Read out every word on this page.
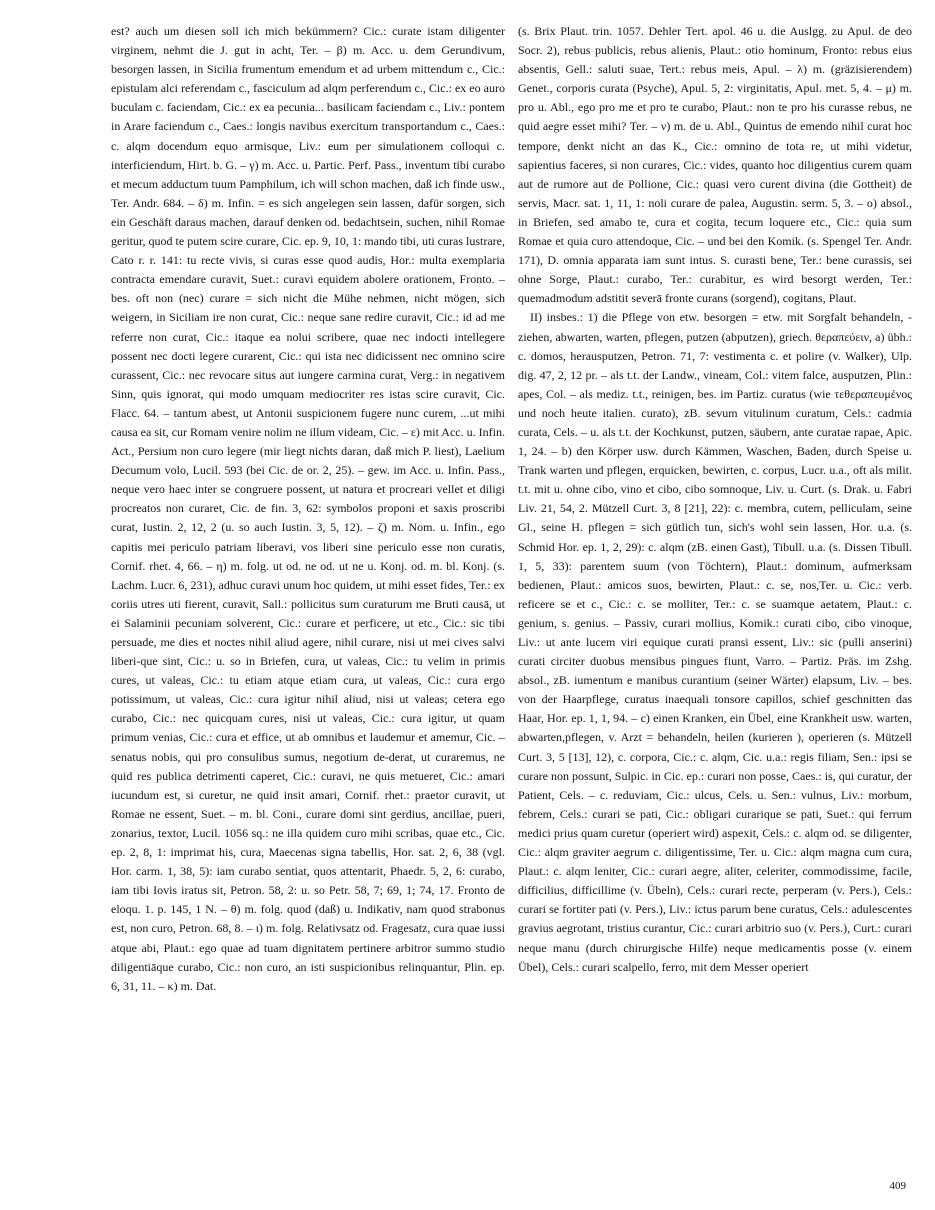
est? auch um diesen soll ich mich bekümmern? Cic.: curate istam diligenter virginem, nehmt die J. gut in acht, Ter. – β) m. Acc. u. dem Gerundivum, besorgen lassen, in Sicilia frumentum emendum et ad urbem mittendum c., Cic.: epistulam alci referendam c., fasciculum ad alqm perferendum c., Cic.: ex eo auro buculam c. faciendam, Cic.: ex ea pecunia... basilicam faciendam c., Liv.: pontem in Arare faciendum c., Caes.: longis navibus exercitum transportandum c., Caes.: c. alqm docendum equo armisque, Liv.: eum per simulationem colloqui c. interficiendum, Hirt. b. G. – γ) m. Acc. u. Partic. Perf. Pass., inventum tibi curabo et mecum adductum tuum Pamphilum, ich will schon machen, daß ich finde usw., Ter. Andr. 684. – δ) m. Infin. = es sich angelegen sein lassen, dafür sorgen, sich ein Geschäft daraus machen, darauf denken od. bedachtsein, suchen, nihil Romae geritur, quod te putem scire curare, Cic. ep. 9, 10, 1: mando tibi, uti curas lustrare, Cato r. r. 141: tu recte vivis, si curas esse quod audis, Hor.: multa exemplaria contracta emendare curavit, Suet.: curavi equidem abolere orationem, Fronto. – bes. oft non (nec) curare = sich nicht die Mühe nehmen, nicht mögen, sich weigern, in Siciliam ire non curat, Cic.: neque sane redire curavit, Cic.: id ad me referre non curat, Cic.: itaque ea nolui scribere, quae nec indocti intellegere possent nec docti legere curarent, Cic.: qui ista nec didicissent nec omnino scire curassent, Cic.: nec revocare situs aut iungere carmina curat, Verg.: in negativem Sinn, quis ignorat, qui modo umquam mediocriter res istas scire curavit, Cic. Flacc. 64. – tantum abest, ut Antonii suspicionem fugere nunc curem, ...ut mihi causa ea sit, cur Romam venire nolim ne illum videam, Cic. – ε) mit Acc. u. Infin. Act., Persium non curo legere (mir liegt nichts daran, daß mich P. liest), Laelium Decumum volo, Lucil. 593 (bei Cic. de or. 2, 25). – gew. im Acc. u. Infin. Pass., neque vero haec inter se congruere possent, ut natura et procreari vellet et diligi procreatos non curaret, Cic. de fin. 3, 62: symbolos proponi et saxis proscribi curat, Iustin. 2, 12, 2 (u. so auch Iustin. 3, 5, 12). – ζ) m. Nom. u. Infin., ego capitis mei periculo patriam liberavi, vos liberi sine periculo esse non curatis, Cornif. rhet. 4, 66. – η) m. folg. ut od. ne od. ut ne u. Konj. od. m. bl. Konj. (s. Lachm. Lucr. 6, 231), adhuc curavi unum hoc quidem, ut mihi esset fides, Ter.: ex coriis utres uti fierent, curavit, Sall.: pollicitus sum curaturum me Bruti causā, ut ei Salaminii pecuniam solverent, Cic.: curare et perficere, ut etc., Cic.: sic tibi persuade, me dies et noctes nihil aliud agere, nihil curare, nisi ut mei cives salvi liberi-que sint, Cic.: u. so in Briefen, cura, ut valeas, Cic.: tu velim in primis cures, ut valeas, Cic.: tu etiam atque etiam cura, ut valeas, Cic.: cura ergo potissimum, ut valeas, Cic.: cura igitur nihil aliud, nisi ut valeas; cetera ego curabo, Cic.: nec quicquam cures, nisi ut valeas, Cic.: cura igitur, ut quam primum venias, Cic.: cura et effice, ut ab omnibus et laudemur et amemur, Cic. – senatus nobis, qui pro consulibus sumus, negotium de-derat, ut curaremus, ne quid res publica detrimenti caperet, Cic.: curavi, ne quis metueret, Cic.: amari iucundum est, si curetur, ne quid insit amari, Cornif. rhet.: praetor curavit, ut Romae ne essent, Suet. – m. bl. Coni., curare domi sint gerdius, ancillae, pueri, zonarius, textor, Lucil. 1056 sq.: ne illa quidem curo mihi scribas, quae etc., Cic. ep. 2, 8, 1: imprimat his, cura, Maecenas signa tabellis, Hor. sat. 2, 6, 38 (vgl. Hor. carm. 1, 38, 5): iam curabo sentiat, quos attentarit, Phaedr. 5, 2, 6: curabo, iam tibi Iovis iratus sit, Petron. 58, 2: u. so Petr. 58, 7; 69, 1; 74, 17. Fronto de eloqu. 1. p. 145, 1 N. – θ) m. folg. quod (daß) u. Indikativ, nam quod strabonus est, non curo, Petron. 68, 8. – ι) m. folg. Relativsatz od. Fragesatz, cura quae iussi atque abi, Plaut.: ego quae ad tuam dignitatem pertinere arbitror summo studio diligentiāque curabo, Cic.: non curo, an isti suspicionibus relinquantur, Plin. ep. 6, 31, 11. – κ) m. Dat.

(s. Brix Plaut. trin. 1057. Dehler Tert. apol. 46 u. die Auslgg. zu Apul. de deo Socr. 2), rebus publicis, rebus alienis, Plaut.: otio hominum, Fronto: rebus eius absentis, Gell.: saluti suae, Tert.: rebus meis, Apul. – λ) m. (gräzisierendem) Genet., corporis curata (Psyche), Apul. 5, 2: virginitatis, Apul. met. 5, 4. – μ) m. pro u. Abl., ego pro me et pro te curabo, Plaut.: non te pro his curasse rebus, ne quid aegre esset mihi? Ter. – ν) m. de u. Abl., Quintus de emendo nihil curat hoc tempore, denkt nicht an das K., Cic.: omnino de tota re, ut mihi videtur, sapientius faceres, si non curares, Cic.: vides, quanto hoc diligentius curem quam aut de rumore aut de Pollione, Cic.: quasi vero curent divina (die Gottheit) de servis, Macr. sat. 1, 11, 1: noli curare de palea, Augustin. serm. 5, 3. – ο) absol., in Briefen, sed amabo te, cura et cogita, tecum loquere etc., Cic.: quia sum Romae et quia curo attendoque, Cic. – und bei den Komik. (s. Spengel Ter. Andr. 171), D. omnia apparata iam sunt intus. S. curasti bene, Ter.: bene curassis, sei ohne Sorge, Plaut.: curabo, Ter.: curabitur, es wird besorgt werden, Ter.: quemadmodum adstitit severā fronte curans (sorgend), cogitans, Plaut.

II) insbes.: 1) die Pflege von etw. besorgen = etw. mit Sorgfalt behandeln, -ziehen, abwarten, warten, pflegen, putzen (abputzen), griech. θεραπεύειν, a) übh.: c. domos, herausputzen, Petron. 71, 7: vestimenta c. et polire (v. Walker), Ulp. dig. 47, 2, 12 pr. – als t.t. der Landw., vineam, Col.: vitem falce, ausputzen, Plin.: apes, Col. – als mediz. t.t., reinigen, bes. im Partiz. curatus (wie τεθεραπευμένος und noch heute italien. curato), zB. sevum vitulinum curatum, Cels.: cadmia curata, Cels. – u. als t.t. der Kochkunst, putzen, säubern, ante curatae rapae, Apic. 1, 24. – b) den Körper usw. durch Kämmen, Waschen, Baden, durch Speise u. Trank warten und pflegen, erquicken, bewirten, c. corpus, Lucr. u.a., oft als milit. t.t. mit u. ohne cibo, vino et cibo, cibo somnoque, Liv. u. Curt. (s. Drak. u. Fabri Liv. 21, 54, 2. Mützell Curt. 3, 8 [21], 22): c. membra, cutem, pelliculam, seine Gl., seine H. pflegen = sich gütlich tun, sich's wohl sein lassen, Hor. u.a. (s. Schmid Hor. ep. 1, 2, 29): c. alqm (zB. einen Gast), Tibull. u.a. (s. Dissen Tibull. 1, 5, 33): parentem suum (von Töchtern), Plaut.: dominum, aufmerksam bedienen, Plaut.: amicos suos, bewirten, Plaut.: c. se, nos,Ter. u. Cic.: verb. reficere se et c., Cic.: c. se molliter, Ter.: c. se suamque aetatem, Plaut.: c. genium, s. genius. – Passiv, curari mollius, Komik.: curati cibo, cibo vinoque, Liv.: ut ante lucem viri equique curati pransi essent, Liv.: sic (pulli anserini) curati circiter duobus mensibus pingues fiunt, Varro. – Partiz. Präs. im Zshg. absol., zB. iumentum e manibus curantium (seiner Wärter) elapsum, Liv. – bes. von der Haarpflege, curatus inaequali tonsore capillos, schief geschnitten das Haar, Hor. ep. 1, 1, 94. – c) einen Kranken, ein Übel, eine Krankheit usw. warten, abwarten,pflegen, v. Arzt = behandeln, heilen (kurieren ), operieren (s. Mützell Curt. 3, 5 [13], 12), c. corpora, Cic.: c. alqm, Cic. u.a.: regis filiam, Sen.: ipsi se curare non possunt, Sulpic. in Cic. ep.: curari non posse, Caes.: is, qui curatur, der Patient, Cels. – c. reduviam, Cic.: ulcus, Cels. u. Sen.: vulnus, Liv.: morbum, febrem, Cels.: curari se pati, Cic.: obligari curarique se pati, Suet.: qui ferrum medici prius quam curetur (operiert wird) aspexit, Cels.: c. alqm od. se diligenter, Cic.: alqm graviter aegrum c. diligentissime, Ter. u. Cic.: alqm magna cum cura, Plaut.: c. alqm leniter, Cic.: curari aegre, aliter, celeriter, commodissime, facile, difficilius, difficillime (v. Übeln), Cels.: curari recte, perperam (v. Pers.), Cels.: curari se fortiter pati (v. Pers.), Liv.: ictus parum bene curatus, Cels.: adulescentes gravius aegrotant, tristius curantur, Cic.: curari arbitrio suo (v. Pers.), Curt.: curari neque manu (durch chirurgische Hilfe) neque medicamentis posse (v. einem Übel), Cels.: curari scalpello, ferro, mit dem Messer operiert

409
